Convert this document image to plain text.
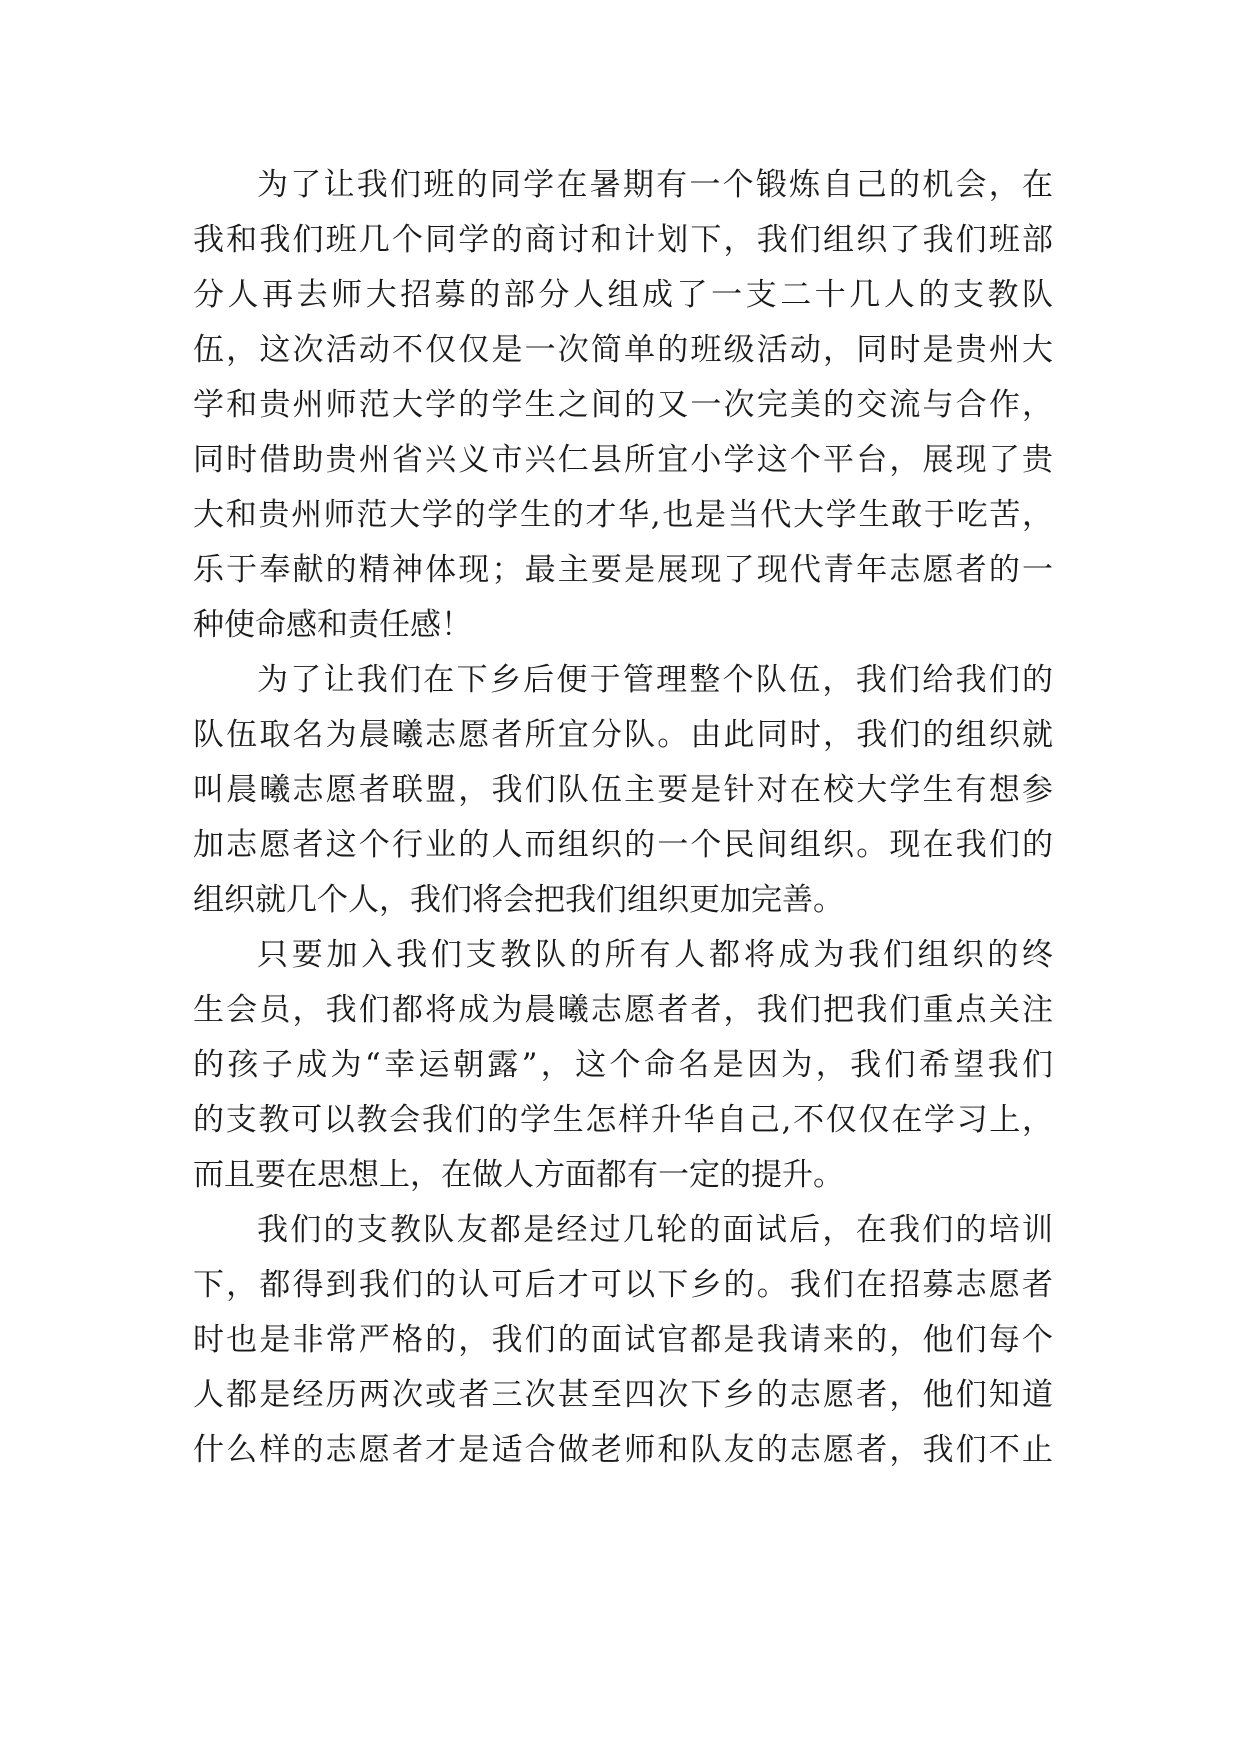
为了让我们班的同学在暑期有一个锻炼自己的机会，在
我和我们班几个同学的商讨和计划下，我们组织了我们班部
分人再去师大招募的部分人组成了一支二十几人的支教队
伍，这次活动不仅仅是一次简单的班级活动，同时是贵州大
学和贵州师范大学的学生之间的又一次完美的交流与合作，
同时借助贵州省兴义市兴仁县所宜小学这个平台，展现了贵
大和贵州师范大学的学生的才华,也是当代大学生敢于吃苦，
乐于奉献的精神体现；最主要是展现了现代青年志愿者的一
种使命感和责任感！
为了让我们在下乡后便于管理整个队伍，我们给我们的
队伍取名为晨曦志愿者所宜分队。由此同时，我们的组织就
叫晨曦志愿者联盟，我们队伍主要是针对在校大学生有想参
加志愿者这个行业的人而组织的一个民间组织。现在我们的
组织就几个人，我们将会把我们组织更加完善。
只要加入我们支教队的所有人都将成为我们组织的终
生会员，我们都将成为晨曦志愿者者，我们把我们重点关注
的孩子成为“幸运朝露”，这个命名是因为，我们希望我们
的支教可以教会我们的学生怎样升华自己,不仅仅在学习上，
而且要在思想上，在做人方面都有一定的提升。
我们的支教队友都是经过几轮的面试后，在我们的培训
下，都得到我们的认可后才可以下乡的。我们在招募志愿者
时也是非常严格的，我们的面试官都是我请来的，他们每个
人都是经历两次或者三次甚至四次下乡的志愿者，他们知道
什么样的志愿者才是适合做老师和队友的志愿者，我们不止
